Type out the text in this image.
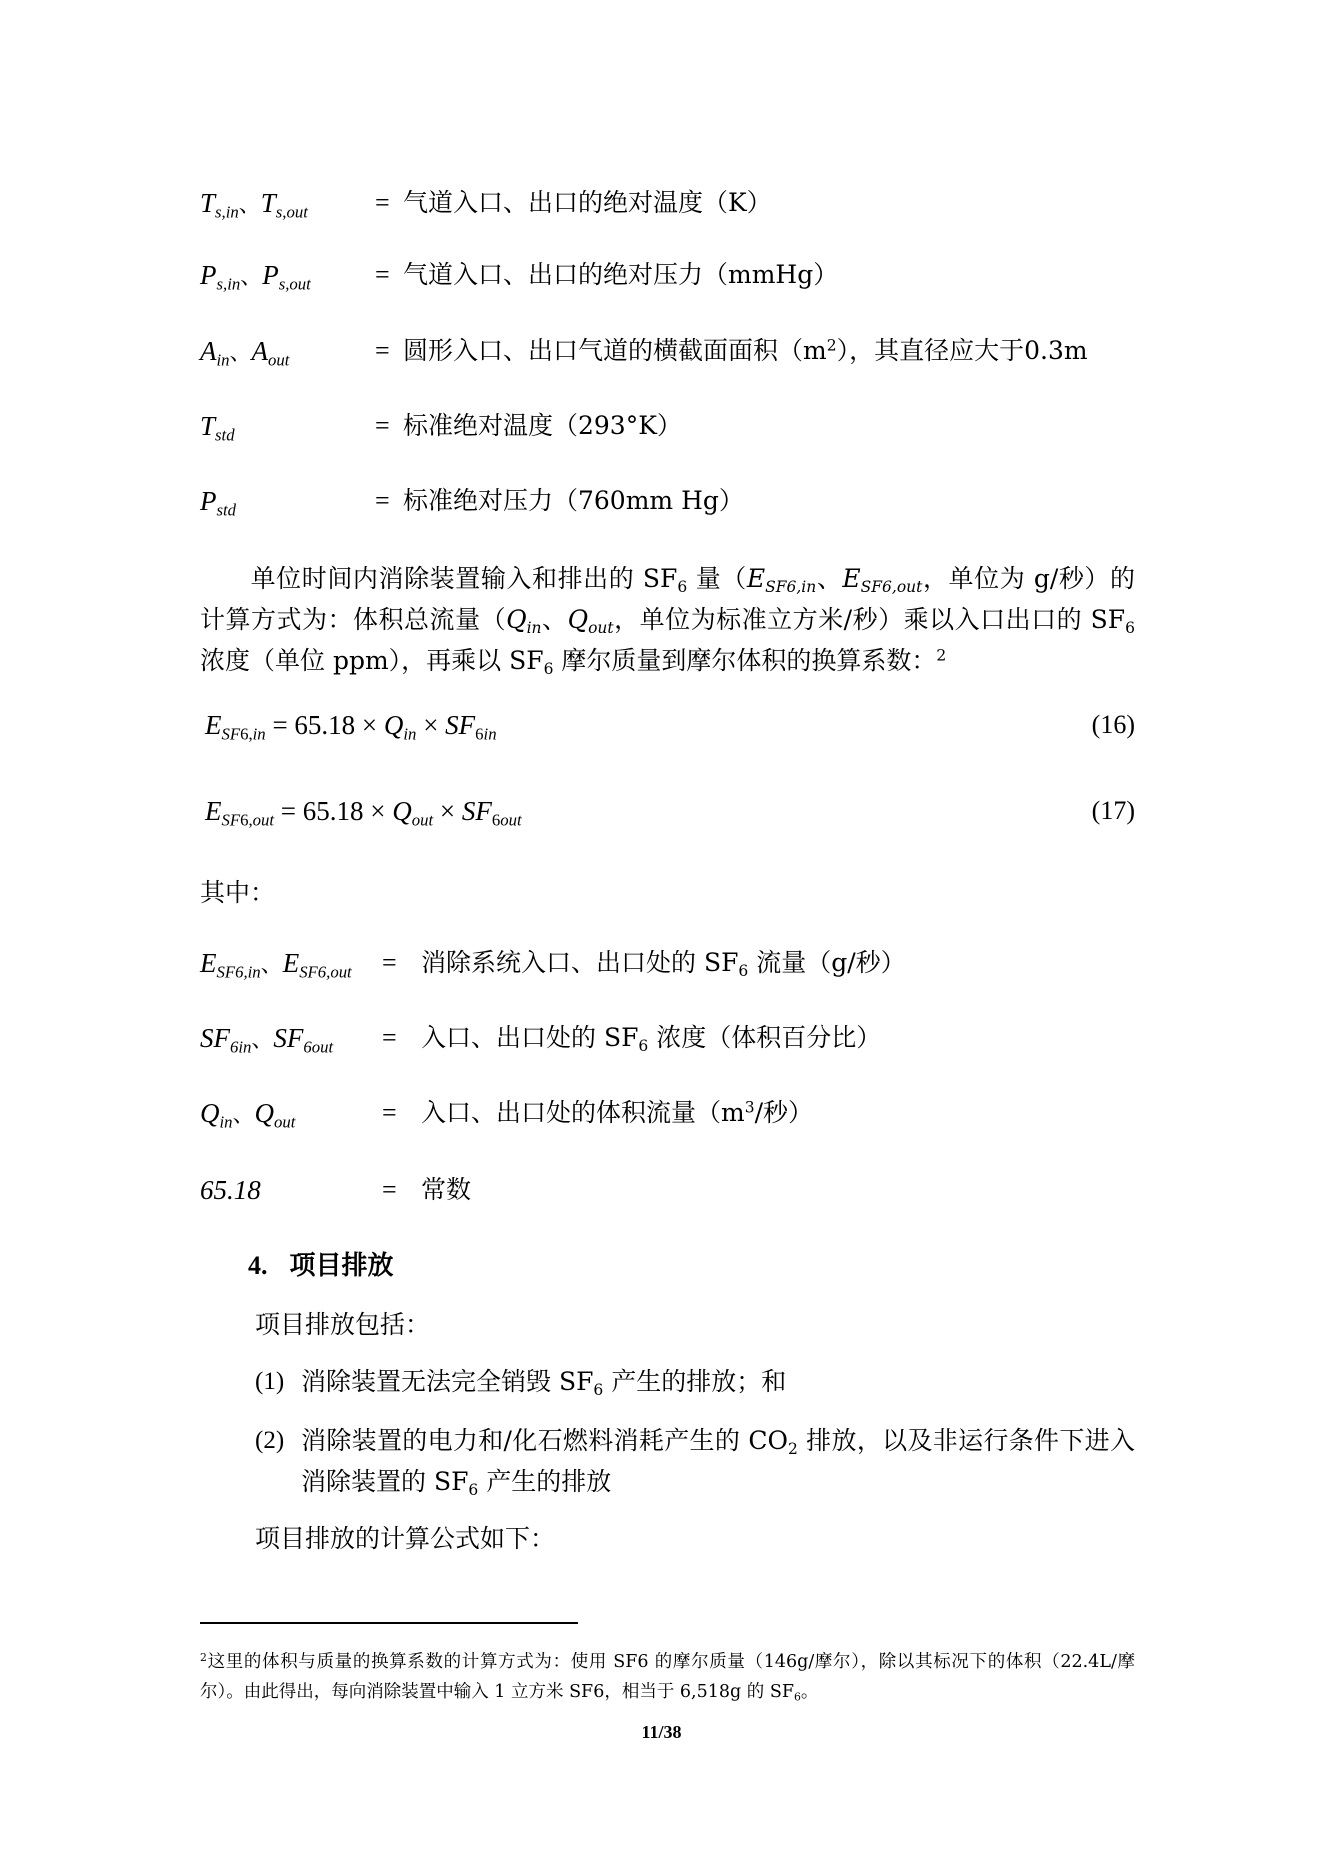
$T_{s,in}$、$T_{s,out}$	= 气道入口、出口的绝对温度（K）
$P_{s,in}$、$P_{s,out}$ = 气道入口、出口的绝对压力（mmHg）
$A_{in}$、$A_{out}$	= 圆形入口、出口气道的横截面面积$(m^2)$，其直径应大于0.3m
$T_{std}$	= 标准绝对温度（293°K）
$P_{std}$	= 标准绝对压力（760mm Hg）
  单位时间内消除装置输入和排出的 $SF_6$ 量（$E_{SF6,in}$、$E_{SF6,out}$，单位为 g/秒）的计算方式为：体积总流量（$Q_{in}$、$Q_{out}$，单位为标准立方米/秒）乘以入口出口的 $SF_6$ 浓度（单位 ppm），再乘以 $SF_6$ 摩尔质量到摩尔体积的换算系数：$^2$
$E_{SF6,in} = 65.18 \times Q_{in} \times SF_{6in}$	(16)
$E_{SF6,out} = 65.18 \times Q_{out} \times SF_{6out}$	(17)
其中：
$E_{SF6,in}$、$E_{SF6,out}$ = 消除系统入口、出口处的 $SF_6$ 流量（g/秒）
$SF_{6in}$、$SF_{6out}$ = 入口、出口处的 $SF_6$ 浓度（体积百分比）
$Q_{in}$、$Q_{out}$	= 入口、出口处的体积流量（$m^3/$秒）
65.18	= 常数
4. 项目排放
项目排放包括：
(1) 消除装置无法完全销毁 $SF_6$ 产生的排放；和
(2) 消除装置的电力和/化石燃料消耗产生的 $CO_2$ 排放，以及非运行条件下进入消除装置的 $SF_6$ 产生的排放
项目排放的计算公式如下：
$^2$这里的体积与质量的换算系数的计算方式为：使用 SF6 的摩尔质量（146g/摩尔），除以其标况下的体积（22.4L/摩尔）。由此得出，每向消除装置中输入 1 立方米 SF6，相当于 6,518g 的 $SF_6$。
11/38
